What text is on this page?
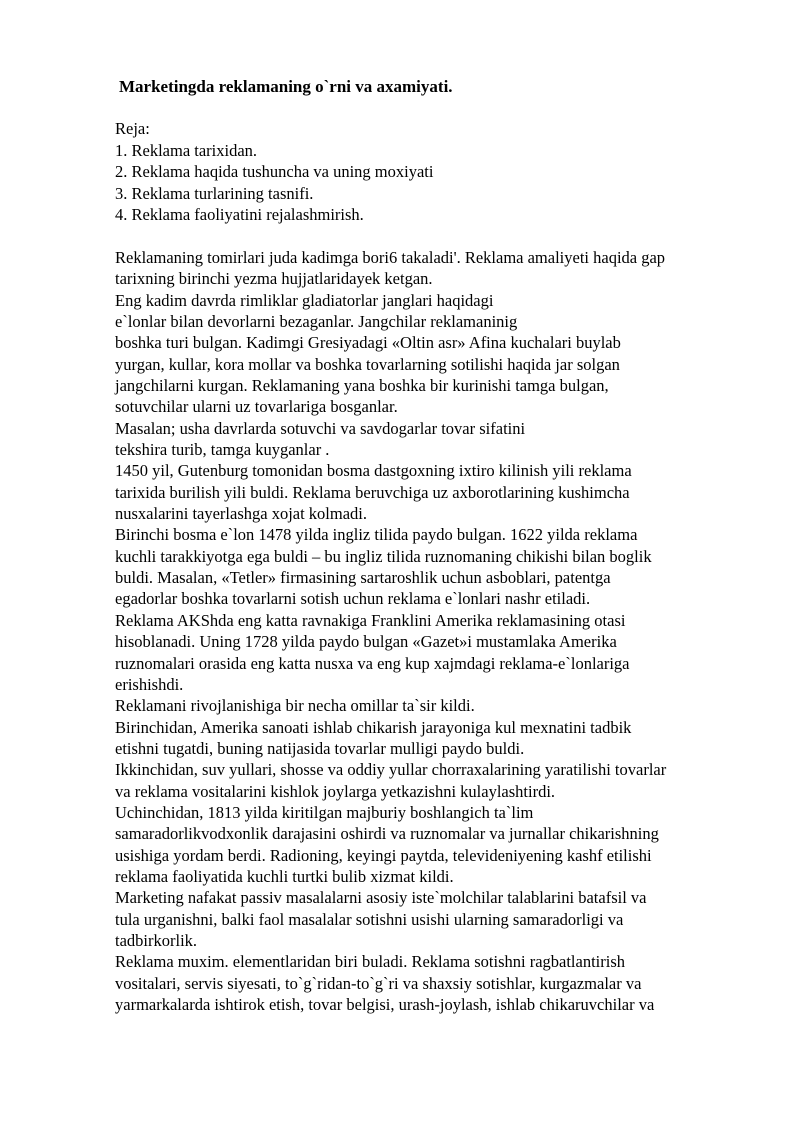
Marketingda reklamaning o`rni va axamiyati.
Reja:
1. Reklama tarixidan.
2. Reklama haqida tushuncha va uning moxiyati
3. Reklama turlarining tasnifi.
4. Reklama faoliyatini rejalashmirish.
Reklamaning tomirlari juda kadimga bori6 takaladi'. Reklama amaliyeti haqida gap
tarixning birinchi yezma hujjatlaridayek ketgan.
Eng kadim davrda rimliklar gladiatorlar janglari haqidagi
e`lonlar bilan devorlarni bezaganlar. Jangchilar reklamaninig
boshka turi bulgan. Kadimgi Gresiyadagi «Oltin asr» Afina kuchalari buylab
yurgan, kullar, kora mollar va boshka tovarlarning sotilishi haqida jar solgan
jangchilarni kurgan. Reklamaning yana boshka bir kurinishi tamga bulgan,
sotuvchilar ularni uz tovarlariga bosganlar.
Masalan; usha davrlarda sotuvchi va savdogarlar tovar sifatini
tekshira turib, tamga kuyganlar .
1450 yil, Gutenburg tomonidan bosma dastgoxning ixtiro kilinish yili reklama
tarixida burilish yili buldi. Reklama beruvchiga uz axborotlarining kushimcha
nusxalarini tayerlashga xojat kolmadi.
Birinchi bosma e`lon 1478 yilda ingliz tilida paydo bulgan. 1622 yilda reklama
kuchli tarakkiyotga ega buldi – bu ingliz tilida ruznomaning chikishi bilan boglik
buldi. Masalan, «Tetler» firmasining sartaroshlik uchun asboblari, patentga
egadorlar boshka tovarlarni sotish uchun reklama e`lonlari nashr etiladi.
Reklama AKShda eng katta ravnakiga Franklini Amerika reklamasining otasi
hisoblanadi. Uning 1728 yilda paydo bulgan «Gazet»i mustamlaka Amerika
ruznomalari orasida eng katta nusxa va eng kup xajmdagi reklama-e`lonlariga
erishishdi.
Reklamani rivojlanishiga bir necha omillar ta`sir kildi.
Birinchidan, Amerika sanoati ishlab chikarish jarayoniga kul mexnatini tadbik
etishni tugatdi, buning natijasida tovarlar mulligi paydo buldi.
Ikkinchidan, suv yullari, shosse va oddiy yullar chorraxalarining yaratilishi tovarlar
va reklama vositalarini kishlok joylarga yetkazishni kulaylashtirdi.
Uchinchidan, 1813 yilda kiritilgan majburiy boshlangich ta`lim
samaradorlikvodxonlik darajasini oshirdi va ruznomalar va jurnallar chikarishning
usishiga yordam berdi. Radioning, keyingi paytda, televideniyening kashf etilishi
reklama faoliyatida kuchli turtki bulib xizmat kildi.
Marketing nafakat passiv masalalarni asosiy iste`molchilar talablarini batafsil va
tula urganishni, balki faol masalalar sotishni usishi ularning samaradorligi va
tadbirkorlik.
Reklama muxim. elementlaridan biri buladi. Reklama sotishni ragbatlantirish
vositalari, servis siyesati, to`g`ridan-to`g`ri va shaxsiy sotishlar, kurgazmalar va
yarmarkalarda ishtirok etish, tovar belgisi, urash-joylash, ishlab chikaruvchilar va
